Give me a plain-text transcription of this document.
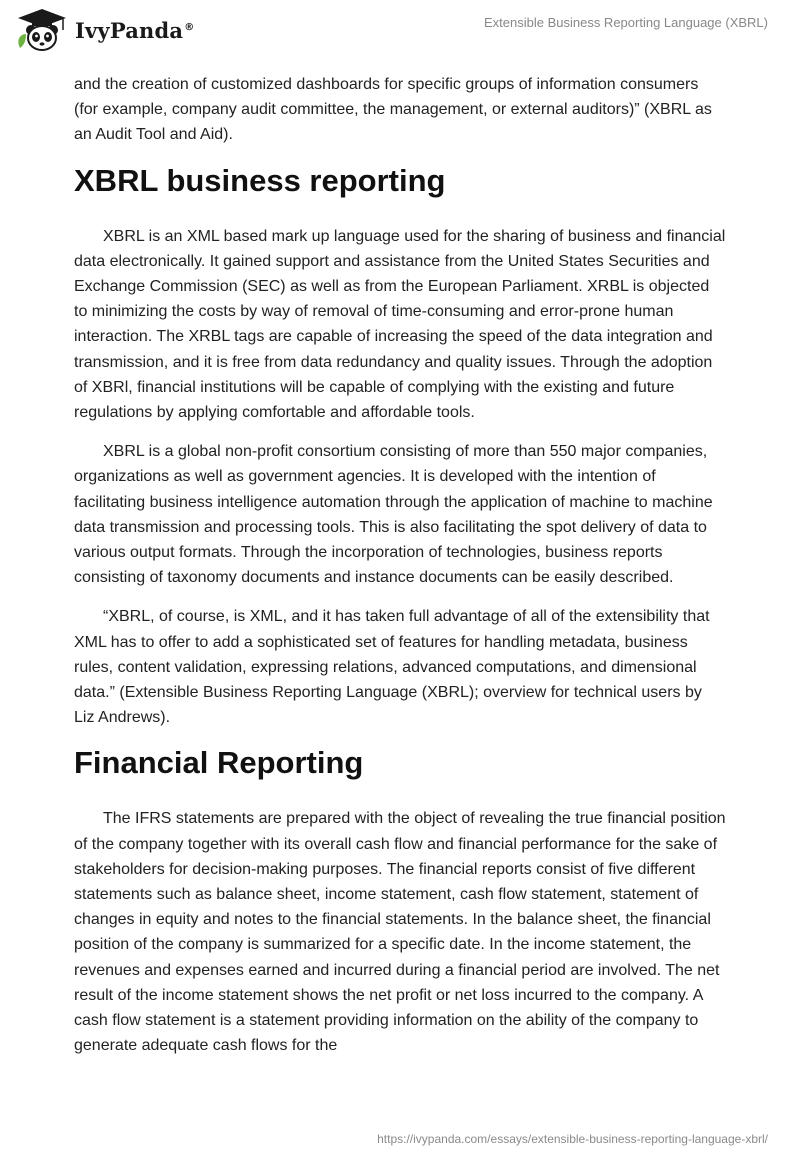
IvyPanda®	Extensible Business Reporting Language (XBRL)

and the creation of customized dashboards for specific groups of information consumers (for example, company audit committee, the management, or external auditors)” (XBRL as an Audit Tool and Aid).

XBRL business reporting

XBRL is an XML based mark up language used for the sharing of business and financial data electronically. It gained support and assistance from the United States Securities and Exchange Commission (SEC) as well as from the European Parliament. XRBL is objected to minimizing the costs by way of removal of time-consuming and error-prone human interaction. The XRBL tags are capable of increasing the speed of the data integration and transmission, and it is free from data redundancy and quality issues. Through the adoption of XBRl, financial institutions will be capable of complying with the existing and future regulations by applying comfortable and affordable tools.

XBRL is a global non-profit consortium consisting of more than 550 major companies, organizations as well as government agencies. It is developed with the intention of facilitating business intelligence automation through the application of machine to machine data transmission and processing tools. This is also facilitating the spot delivery of data to various output formats. Through the incorporation of technologies, business reports consisting of taxonomy documents and instance documents can be easily described.

“XBRL, of course, is XML, and it has taken full advantage of all of the extensibility that XML has to offer to add a sophisticated set of features for handling metadata, business rules, content validation, expressing relations, advanced computations, and dimensional data.” (Extensible Business Reporting Language (XBRL); overview for technical users by Liz Andrews).

Financial Reporting

The IFRS statements are prepared with the object of revealing the true financial position of the company together with its overall cash flow and financial performance for the sake of stakeholders for decision-making purposes. The financial reports consist of five different statements such as balance sheet, income statement, cash flow statement, statement of changes in equity and notes to the financial statements. In the balance sheet, the financial position of the company is summarized for a specific date. In the income statement, the revenues and expenses earned and incurred during a financial period are involved. The net result of the income statement shows the net profit or net loss incurred to the company. A cash flow statement is a statement providing information on the ability of the company to generate adequate cash flows for the

https://ivypanda.com/essays/extensible-business-reporting-language-xbrl/
